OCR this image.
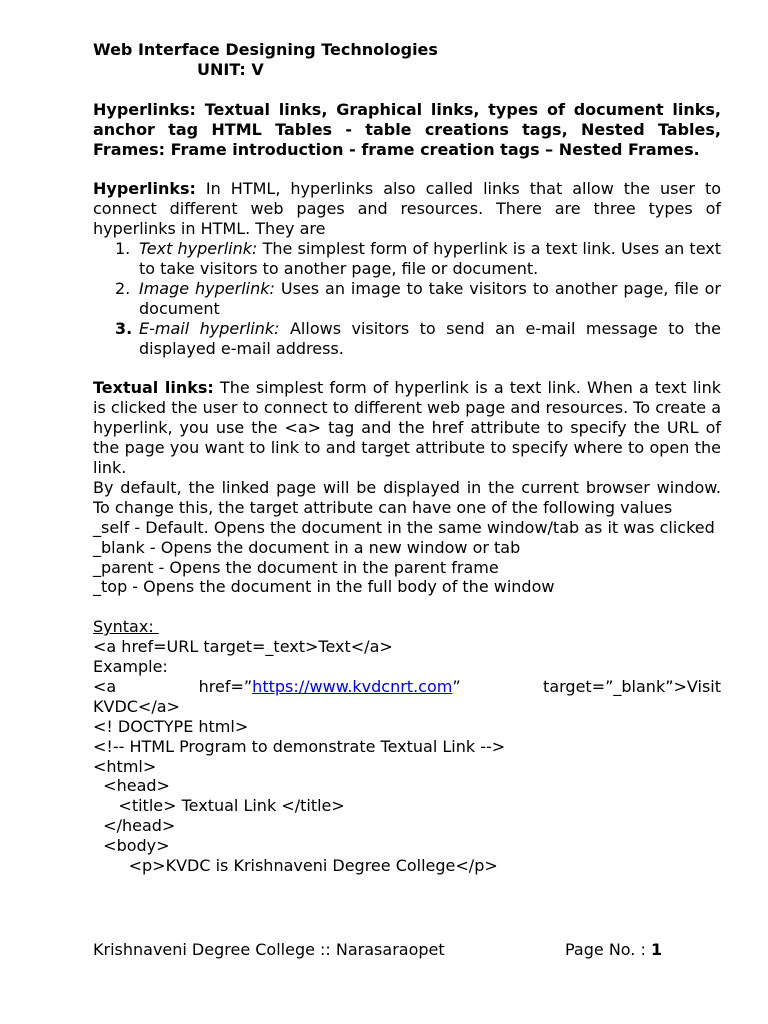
Web Interface Designing Technologies
UNIT: V
Hyperlinks: Textual links, Graphical links, types of document links, anchor tag HTML Tables - table creations tags, Nested Tables, Frames: Frame introduction - frame creation tags – Nested Frames.
Hyperlinks: In HTML, hyperlinks also called links that allow the user to connect different web pages and resources. There are three types of hyperlinks in HTML. They are
1. Text hyperlink: The simplest form of hyperlink is a text link. Uses an text to take visitors to another page, file or document.
2. Image hyperlink: Uses an image to take visitors to another page, file or document
3. E-mail hyperlink: Allows visitors to send an e-mail message to the displayed e-mail address.
Textual links: The simplest form of hyperlink is a text link. When a text link is clicked the user to connect to different web page and resources. To create a hyperlink, you use the <a> tag and the href attribute to specify the URL of the page you want to link to and target attribute to specify where to open the link.
By default, the linked page will be displayed in the current browser window. To change this, the target attribute can have one of the following values
_self - Default. Opens the document in the same window/tab as it was clicked
_blank - Opens the document in a new window or tab
_parent - Opens the document in the parent frame
_top - Opens the document in the full body of the window
Syntax:
<a href=URL target=_text>Text</a>
Example:
<a	href=”https://www.kvdcnrt.com”	target=”_blank”>Visit
KVDC</a>
<! DOCTYPE html>
<!-- HTML Program to demonstrate Textual Link -->
<html>
<head>
<title> Textual Link </title>
</head>
<body>
<p>KVDC is Krishnaveni Degree College</p>
Krishnaveni Degree College :: Narasaraopet	Page No. : 1
